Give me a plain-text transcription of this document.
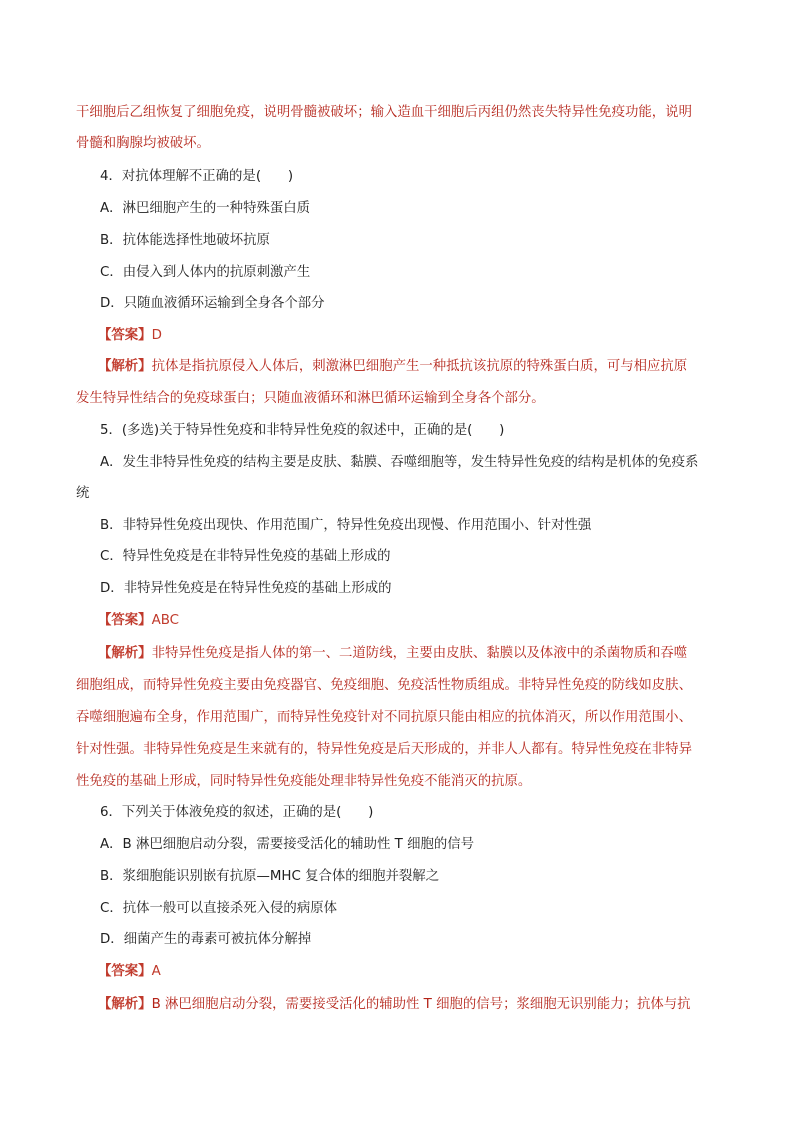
干细胞后乙组恢复了细胞免疫，说明骨髓被破坏；输入造血干细胞后丙组仍然丧失特异性免疫功能，说明
骨髓和胸腺均被破坏。
4．对抗体理解不正确的是(　　)
A．淋巴细胞产生的一种特殊蛋白质
B．抗体能选择性地破坏抗原
C．由侵入到人体内的抗原刺激产生
D．只随血液循环运输到全身各个部分
【答案】D
【解析】抗体是指抗原侵入人体后，刺激淋巴细胞产生一种抵抗该抗原的特殊蛋白质，可与相应抗原
发生特异性结合的免疫球蛋白；只随血液循环和淋巴循环运输到全身各个部分。
5．(多选)关于特异性免疫和非特异性免疫的叙述中，正确的是(　　)
A．发生非特异性免疫的结构主要是皮肤、黏膜、吞噬细胞等，发生特异性免疫的结构是机体的免疫系
统
B．非特异性免疫出现快、作用范围广，特异性免疫出现慢、作用范围小、针对性强
C．特异性免疫是在非特异性免疫的基础上形成的
D．非特异性免疫是在特异性免疫的基础上形成的
【答案】ABC
【解析】非特异性免疫是指人体的第一、二道防线，主要由皮肤、黏膜以及体液中的杀菌物质和吞噬
细胞组成，而特异性免疫主要由免疫器官、免疫细胞、免疫活性物质组成。非特异性免疫的防线如皮肤、
吞噬细胞遍布全身，作用范围广，而特异性免疫针对不同抗原只能由相应的抗体消灭，所以作用范围小、
针对性强。非特异性免疫是生来就有的，特异性免疫是后天形成的，并非人人都有。特异性免疫在非特异
性免疫的基础上形成，同时特异性免疫能处理非特异性免疫不能消灭的抗原。
6．下列关于体液免疫的叙述，正确的是(　　)
A．B 淋巴细胞启动分裂，需要接受活化的辅助性 T 细胞的信号
B．浆细胞能识别嵌有抗原—MHC 复合体的细胞并裂解之
C．抗体一般可以直接杀死入侵的病原体
D．细菌产生的毒素可被抗体分解掉
【答案】A
【解析】B 淋巴细胞启动分裂，需要接受活化的辅助性 T 细胞的信号；浆细胞无识别能力；抗体与抗
